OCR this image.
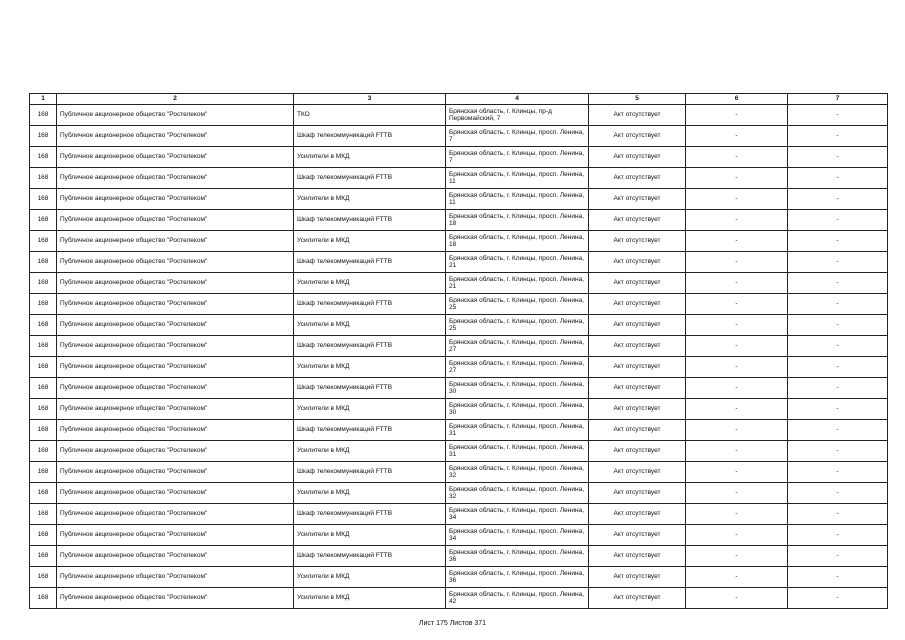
1	2	3	4	5	6	7
168	Публичное акционерное общество "Ростелеком"	ТКО	Брянская область, г. Клинцы, пр-д Первомайский, 7	Акт отсутствует	-	-
168	Публичное акционерное общество "Ростелеком"	Шкаф телекоммуникаций FTTB	Брянская область, г. Клинцы, просп. Ленина, 7	Акт отсутствует	-	-
168	Публичное акционерное общество "Ростелеком"	Усилители в МКД	Брянская область, г. Клинцы, просп. Ленина, 7	Акт отсутствует	-	-
168	Публичное акционерное общество "Ростелеком"	Шкаф телекоммуникаций FTTB	Брянская область, г. Клинцы, просп. Ленина, 11	Акт отсутствует	-	-
168	Публичное акционерное общество "Ростелеком"	Усилители в МКД	Брянская область, г. Клинцы, просп. Ленина, 11	Акт отсутствует	-	-
168	Публичное акционерное общество "Ростелеком"	Шкаф телекоммуникаций FTTB	Брянская область, г. Клинцы, просп. Ленина, 18	Акт отсутствует	-	-
168	Публичное акционерное общество "Ростелеком"	Усилители в МКД	Брянская область, г. Клинцы, просп. Ленина, 18	Акт отсутствует	-	-
168	Публичное акционерное общество "Ростелеком"	Шкаф телекоммуникаций FTTB	Брянская область, г. Клинцы, просп. Ленина, 21	Акт отсутствует	-	-
168	Публичное акционерное общество "Ростелеком"	Усилители в МКД	Брянская область, г. Клинцы, просп. Ленина, 21	Акт отсутствует	-	-
168	Публичное акционерное общество "Ростелеком"	Шкаф телекоммуникаций FTTB	Брянская область, г. Клинцы, просп. Ленина, 25	Акт отсутствует	-	-
168	Публичное акционерное общество "Ростелеком"	Усилители в МКД	Брянская область, г. Клинцы, просп. Ленина, 25	Акт отсутствует	-	-
168	Публичное акционерное общество "Ростелеком"	Шкаф телекоммуникаций FTTB	Брянская область, г. Клинцы, просп. Ленина, 27	Акт отсутствует	-	-
168	Публичное акционерное общество "Ростелеком"	Усилители в МКД	Брянская область, г. Клинцы, просп. Ленина, 27	Акт отсутствует	-	-
168	Публичное акционерное общество "Ростелеком"	Шкаф телекоммуникаций FTTB	Брянская область, г. Клинцы, просп. Ленина, 30	Акт отсутствует	-	-
168	Публичное акционерное общество "Ростелеком"	Усилители в МКД	Брянская область, г. Клинцы, просп. Ленина, 30	Акт отсутствует	-	-
168	Публичное акционерное общество "Ростелеком"	Шкаф телекоммуникаций FTTB	Брянская область, г. Клинцы, просп. Ленина, 31	Акт отсутствует	-	-
168	Публичное акционерное общество "Ростелеком"	Усилители в МКД	Брянская область, г. Клинцы, просп. Ленина, 31	Акт отсутствует	-	-
168	Публичное акционерное общество "Ростелеком"	Шкаф телекоммуникаций FTTB	Брянская область, г. Клинцы, просп. Ленина, 32	Акт отсутствует	-	-
168	Публичное акционерное общество "Ростелеком"	Усилители в МКД	Брянская область, г. Клинцы, просп. Ленина, 32	Акт отсутствует	-	-
168	Публичное акционерное общество "Ростелеком"	Шкаф телекоммуникаций FTTB	Брянская область, г. Клинцы, просп. Ленина, 34	Акт отсутствует	-	-
168	Публичное акционерное общество "Ростелеком"	Усилители в МКД	Брянская область, г. Клинцы, просп. Ленина, 34	Акт отсутствует	-	-
168	Публичное акционерное общество "Ростелеком"	Шкаф телекоммуникаций FTTB	Брянская область, г. Клинцы, просп. Ленина, 36	Акт отсутствует	-	-
168	Публичное акционерное общество "Ростелеком"	Усилители в МКД	Брянская область, г. Клинцы, просп. Ленина, 36	Акт отсутствует	-	-
168	Публичное акционерное общество "Ростелеком"	Усилители в МКД	Брянская область, г. Клинцы, просп. Ленина, 42	Акт отсутствует	-	-
Лист 175 Листов 371
